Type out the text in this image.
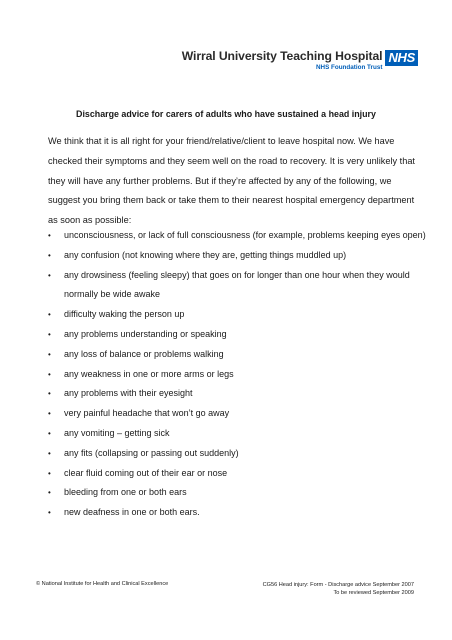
Wirral University Teaching Hospital
NHS Foundation Trust
NHS
Discharge advice for carers of adults who have sustained a head injury

We think that it is all right for your friend/relative/client to leave hospital now. We have

checked their symptoms and they seem well on the road to recovery. It is very unlikely that

they will have any further problems. But if they’re affected by any of the following, we

suggest you bring them back or take them to their nearest hospital emergency department

as soon as possible:

• unconsciousness, or lack of full consciousness (for example, problems keeping eyes open)
• any confusion (not knowing where they are, getting things muddled up)
• any drowsiness (feeling sleepy) that goes on for longer than one hour when they would
normally be wide awake
• difficulty waking the person up
• any problems understanding or speaking
• any loss of balance or problems walking
• any weakness in one or more arms or legs
• any problems with their eyesight
• very painful headache that won’t go away
• any vomiting – getting sick
• any fits (collapsing or passing out suddenly)
• clear fluid coming out of their ear or nose
• bleeding from one or both ears
• new deafness in one or both ears.
© National Institute for Health and Clinical Excellence	CG56 Head injury: Form - Discharge advice September 2007
To be reviewed September 2009
